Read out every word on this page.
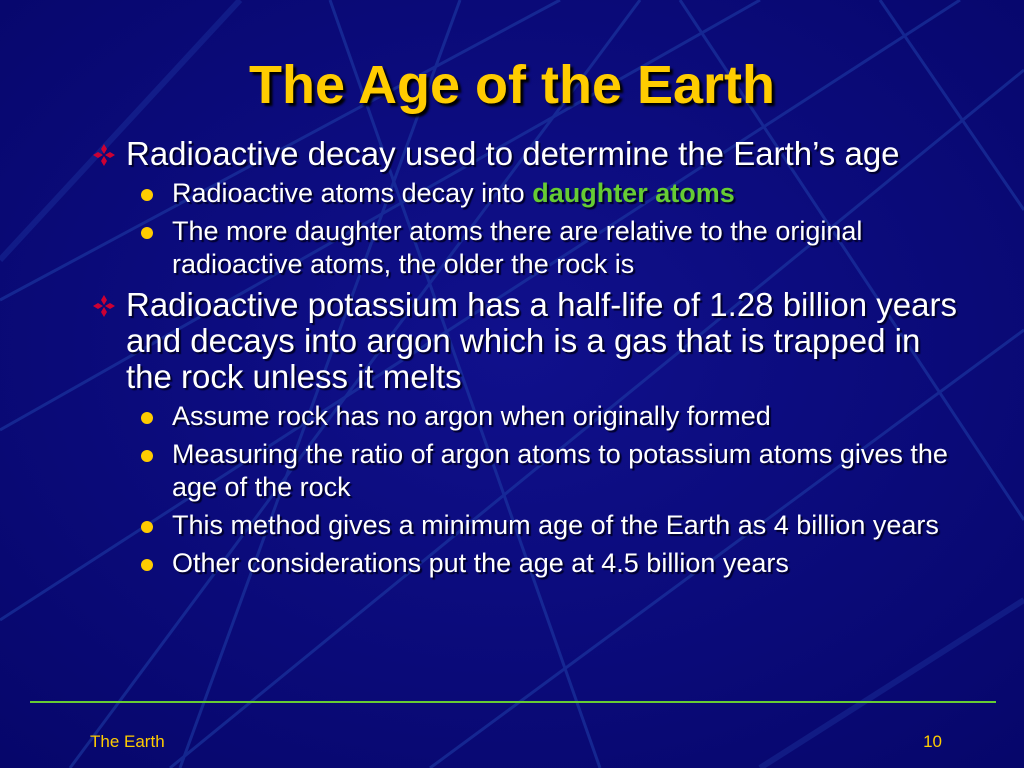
The Age of the Earth
Radioactive decay used to determine the Earth’s age
Radioactive atoms decay into daughter atoms
The more daughter atoms there are relative to the original radioactive atoms, the older the rock is
Radioactive potassium has a half-life of 1.28 billion years and decays into argon which is a gas that is trapped in the rock unless it melts
Assume rock has no argon when originally formed
Measuring the ratio of argon atoms to potassium atoms gives the age of the rock
This method gives a minimum age of the Earth as 4 billion years
Other considerations put the age at 4.5 billion years
The Earth	10
